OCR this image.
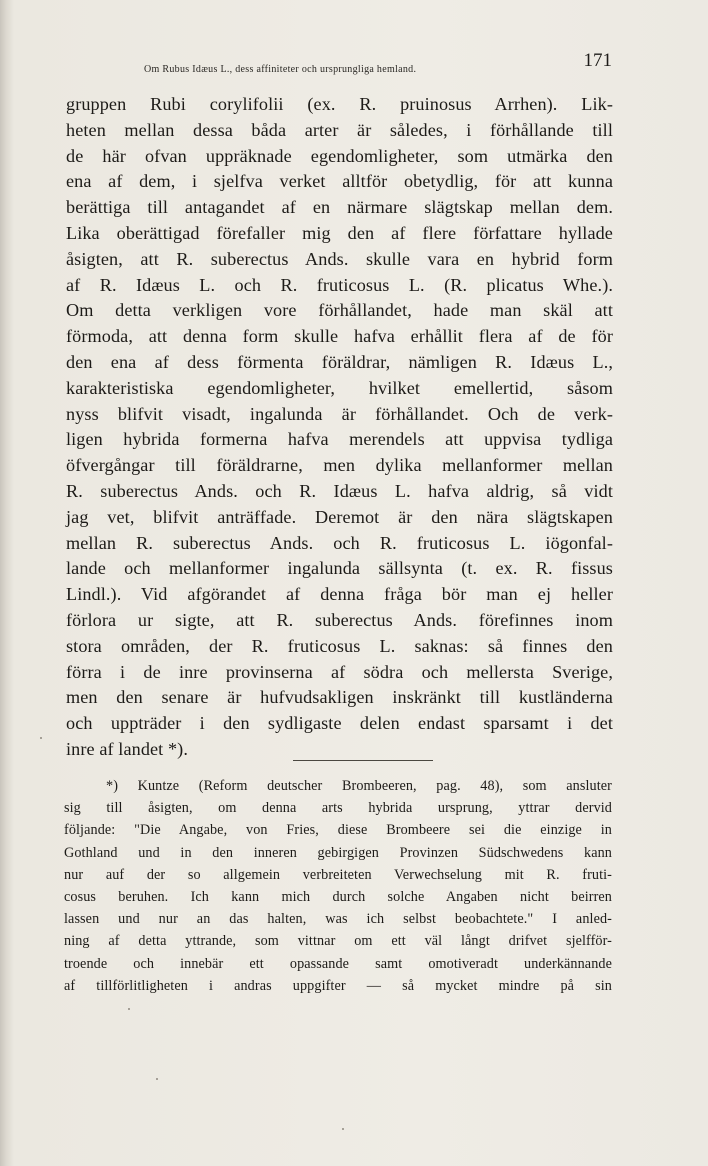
Om Rubus Idæus L., dess affiniteter och ursprungliga hemland.	171
gruppen Rubi corylifolii (ex. R. pruinosus Arrhen). Lik-
heten mellan dessa båda arter är således, i förhållande till
de här ofvan uppräknade egendomligheter, som utmärka den
ena af dem, i sjelfva verket alltför obetydlig, för att kunna
berättiga till antagandet af en närmare slägtskap mellan dem.
Lika oberättigad förefaller mig den af flere författare hyllade
åsigten, att R. suberectus Ands. skulle vara en hybrid form
af R. Idæus L. och R. fruticosus L. (R. plicatus Whe.).
Om detta verkligen vore förhållandet, hade man skäl att
förmoda, att denna form skulle hafva erhållit flera af de för
den ena af dess förmenta föräldrar, nämligen R. Idæus L.,
karakteristiska egendomligheter, hvilket emellertid, såsom
nyss blifvit visadt, ingalunda är förhållandet. Och de verk-
ligen hybrida formerna hafva merendels att uppvisa tydliga
öfvergångar till föräldrarne, men dylika mellanformer mellan
R. suberectus Ands. och R. Idæus L. hafva aldrig, så vidt
jag vet, blifvit anträffade. Deremot är den nära slägtskapen
mellan R. suberectus Ands. och R. fruticosus L. iögonfal-
lande och mellanformer ingalunda sällsynta (t. ex. R. fissus
Lindl.). Vid afgörandet af denna fråga bör man ej heller
förlora ur sigte, att R. suberectus Ands. förefinnes inom
stora områden, der R. fruticosus L. saknas: så finnes den
förra i de inre provinserna af södra och mellersta Sverige,
men den senare är hufvudsakligen inskränkt till kustländerna
och uppträder i den sydligaste delen endast sparsamt i det
inre af landet *).
*) Kuntze (Reform deutscher Brombeeren, pag. 48), som ansluter
sig till åsigten, om denna arts hybrida ursprung, yttrar dervid
följande: "Die Angabe, von Fries, diese Brombeere sei die einzige in
Gothland und in den inneren gebirgigen Provinzen Südschwedens kann
nur auf der so allgemein verbreiteten Verwechselung mit R. fruti-
cosus beruhen. Ich kann mich durch solche Angaben nicht beirren
lassen und nur an das halten, was ich selbst beobachtete." I anled-
ning af detta yttrande, som vittnar om ett väl långt drifvet sjelfför-
troende och innebär ett opassande samt omotiveradt underkännande
af tillförlitligheten i andras uppgifter — så mycket mindre på sin
